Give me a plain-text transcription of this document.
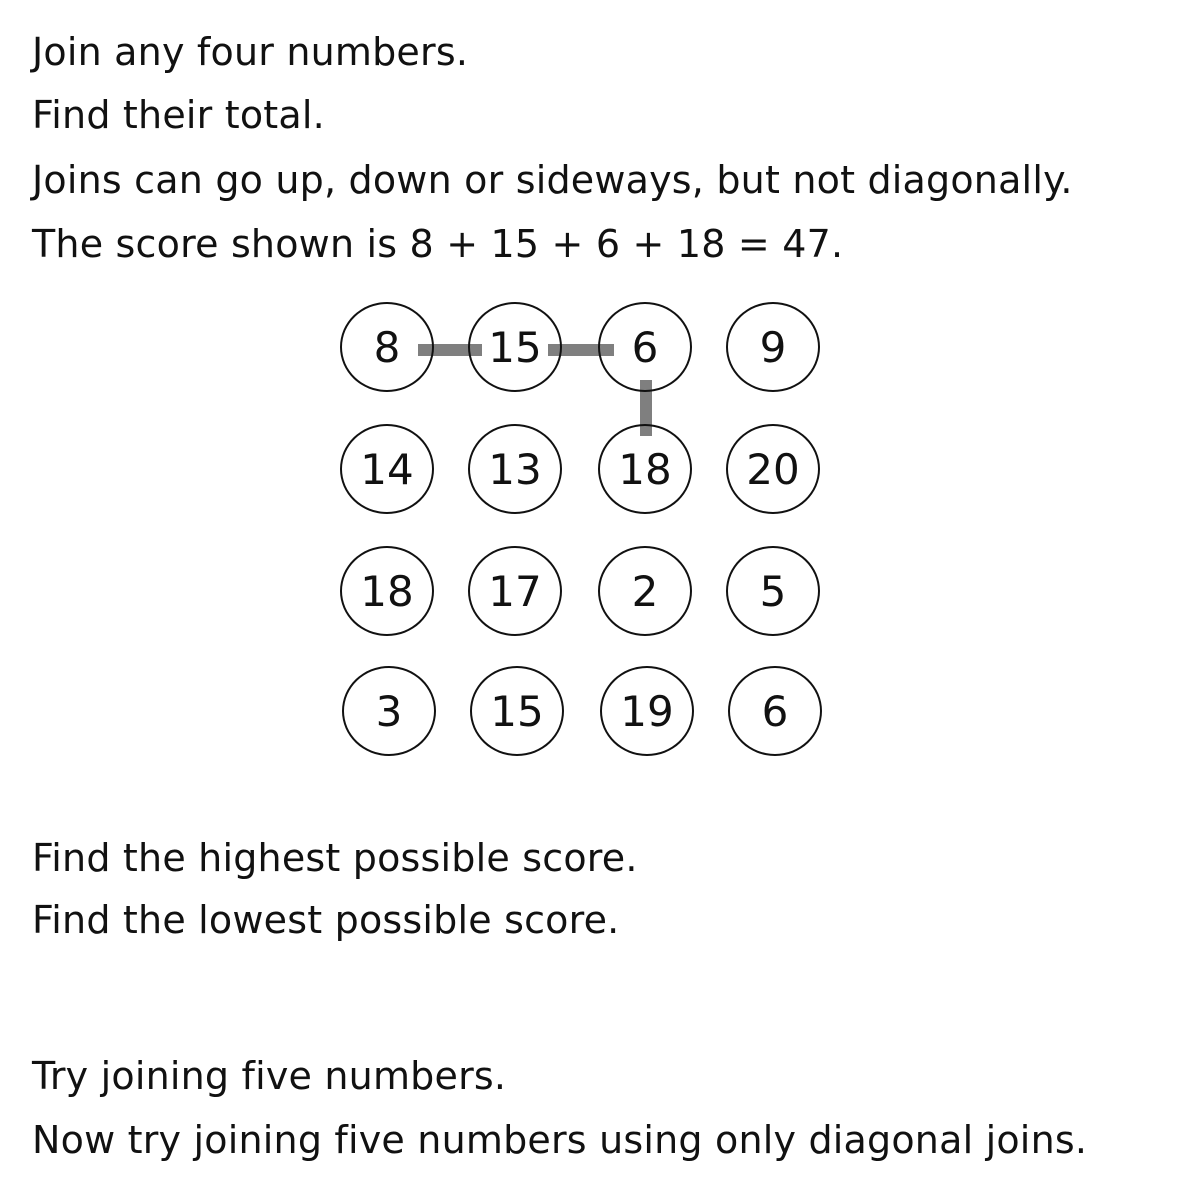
Join any four numbers.
Find their total.
Joins can go up, down or sideways, but not diagonally.
The score shown is 8 + 15 + 6 + 18 = 47.
8	15	6	9
14	13	18	20
18	17	2	5
3	15	19	6
Find the highest possible score.
Find the lowest possible score.
Try joining five numbers.
Now try joining five numbers using only diagonal joins.
